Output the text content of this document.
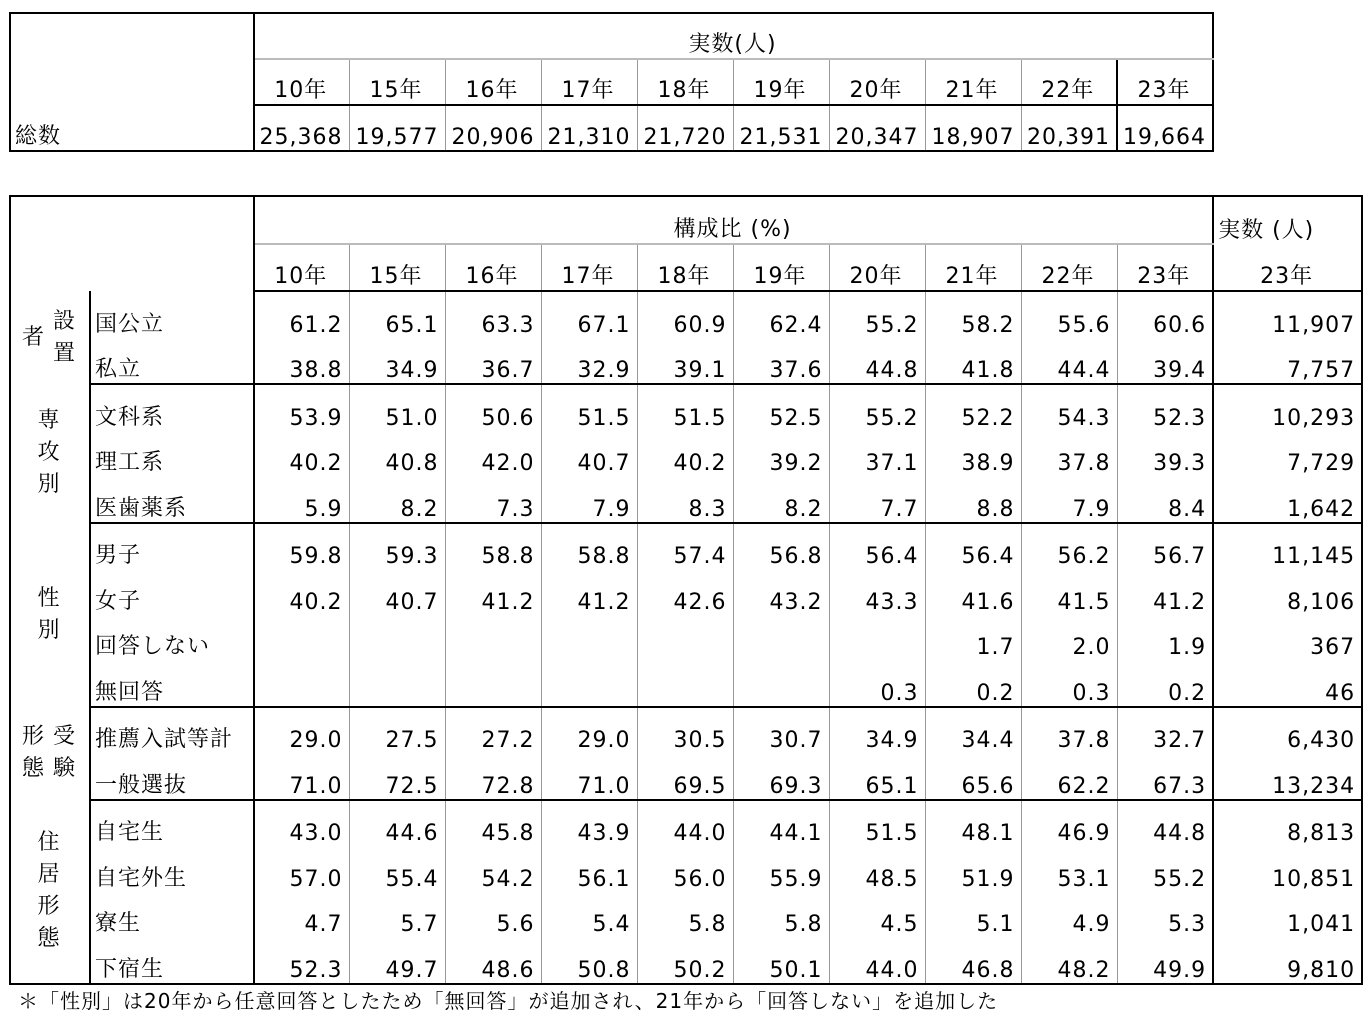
	実数(人)									
	10年	15年	16年	17年	18年	19年	20年	21年	22年	23年
総数	25,368	19,577	20,906	21,310	21,720	21,531	20,347	18,907	20,391	19,664
		構成比 (%)										実数 (人)
		10年	15年	16年	17年	18年	19年	20年	21年	22年	23年	23年

者
設
置	国公立	61.2	65.1	63.3	67.1	60.9	62.4	55.2	58.2	55.6	60.6	11,907
	私立	38.8	34.9	36.7	32.9	39.1	37.6	44.8	41.8	44.4	39.4	7,757

専
攻
別	文科系	53.9	51.0	50.6	51.5	51.5	52.5	55.2	52.2	54.3	52.3	10,293
	理工系	40.2	40.8	42.0	40.7	40.2	39.2	37.1	38.9	37.8	39.3	7,729
	医歯薬系	5.9	8.2	7.3	7.9	8.3	8.2	7.7	8.8	7.9	8.4	1,642

性
別	男子	59.8	59.3	58.8	58.8	57.4	56.8	56.4	56.4	56.2	56.7	11,145
	女子	40.2	40.7	41.2	41.2	42.6	43.2	43.3	41.6	41.5	41.2	8,106
	回答しない								1.7	2.0	1.9	367
	無回答							0.3	0.2	0.3	0.2	46

形
態
受
験	推薦入試等計	29.0	27.5	27.2	29.0	30.5	30.7	34.9	34.4	37.8	32.7	6,430
	一般選抜	71.0	72.5	72.8	71.0	69.5	69.3	65.1	65.6	62.2	67.3	13,234

住
居
形
態	自宅生	43.0	44.6	45.8	43.9	44.0	44.1	51.5	48.1	46.9	44.8	8,813
	自宅外生	57.0	55.4	54.2	56.1	56.0	55.9	48.5	51.9	53.1	55.2	10,851
	寮生	4.7	5.7	5.6	5.4	5.8	5.8	4.5	5.1	4.9	5.3	1,041
	下宿生	52.3	49.7	48.6	50.8	50.2	50.1	44.0	46.8	48.2	49.9	9,810
＊「性別」は20年から任意回答としたため「無回答」が追加され、21年から「回答しない」を追加した
